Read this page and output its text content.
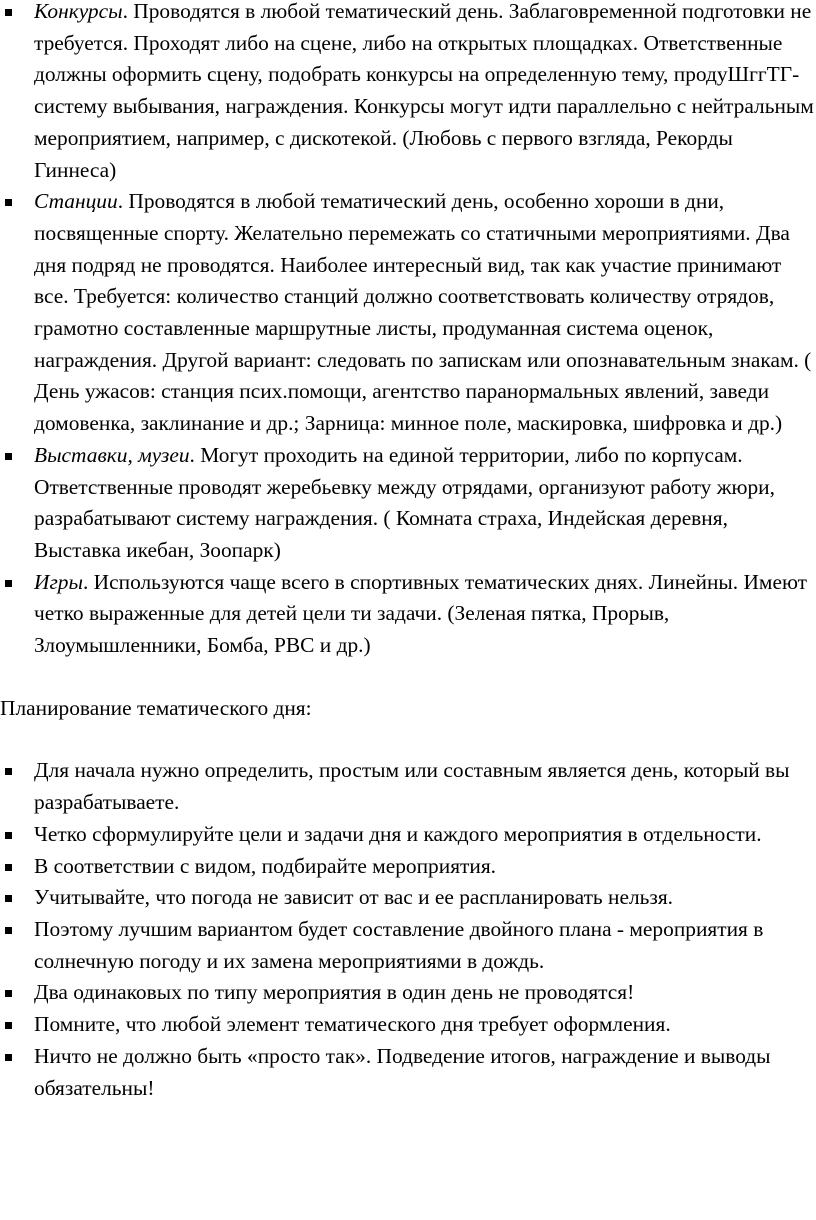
Конкурсы. Проводятся в любой тематический день. Заблаговременной подготовки не требуется. Проходят либо на сцене, либо на открытых площадках. Ответственные должны оформить сцену, подобрать конкурсы на определенную тему, продуШггТГ-систему выбывания, награждения. Конкурсы могут идти параллельно с нейтральным мероприятием, например, с дискотекой. (Любовь с первого взгляда, Рекорды Гиннеса)
Станции. Проводятся в любой тематический день, особенно хороши в дни, посвященные спорту. Желательно перемежать со статичными мероприятиями. Два дня подряд не проводятся. Наиболее интересный вид, так как участие принимают все. Требуется: количество станций должно соответствовать количеству отрядов, грамотно составленные маршрутные листы, продуманная система оценок, награждения. Другой вариант: следовать по запискам или опознавательным знакам. ( День ужасов: станция псих.помощи, агентство паранормальных явлений, заведи домовенка, заклинание и др.; Зарница: минное поле, маскировка, шифровка и др.)
Выставки, музеи. Могут проходить на единой территории, либо по корпусам. Ответственные проводят жеребьевку между отрядами, организуют работу жюри, разрабатывают систему награждения. ( Комната страха, Индейская деревня, Выставка икебан, Зоопарк)
Игры. Используются чаще всего в спортивных тематических днях. Линейны. Имеют четко выраженные для детей цели ти задачи. (Зеленая пятка, Прорыв, Злоумышленники, Бомба, РВС и др.)

Планирование тематического дня:

Для начала нужно определить, простым или составным является день, который вы разрабатываете.
Четко сформулируйте цели и задачи дня и каждого мероприятия в отдельности.
В соответствии с видом, подбирайте мероприятия.
Учитывайте, что погода не зависит от вас и ее распланировать нельзя.
Поэтому лучшим вариантом будет составление двойного плана - мероприятия в солнечную погоду и их замена мероприятиями в дождь.
Два одинаковых по типу мероприятия в один день не проводятся!
Помните, что любой элемент тематического дня требует оформления.
Ничто не должно быть «просто так». Подведение итогов, награждение и выводы обязательны!
